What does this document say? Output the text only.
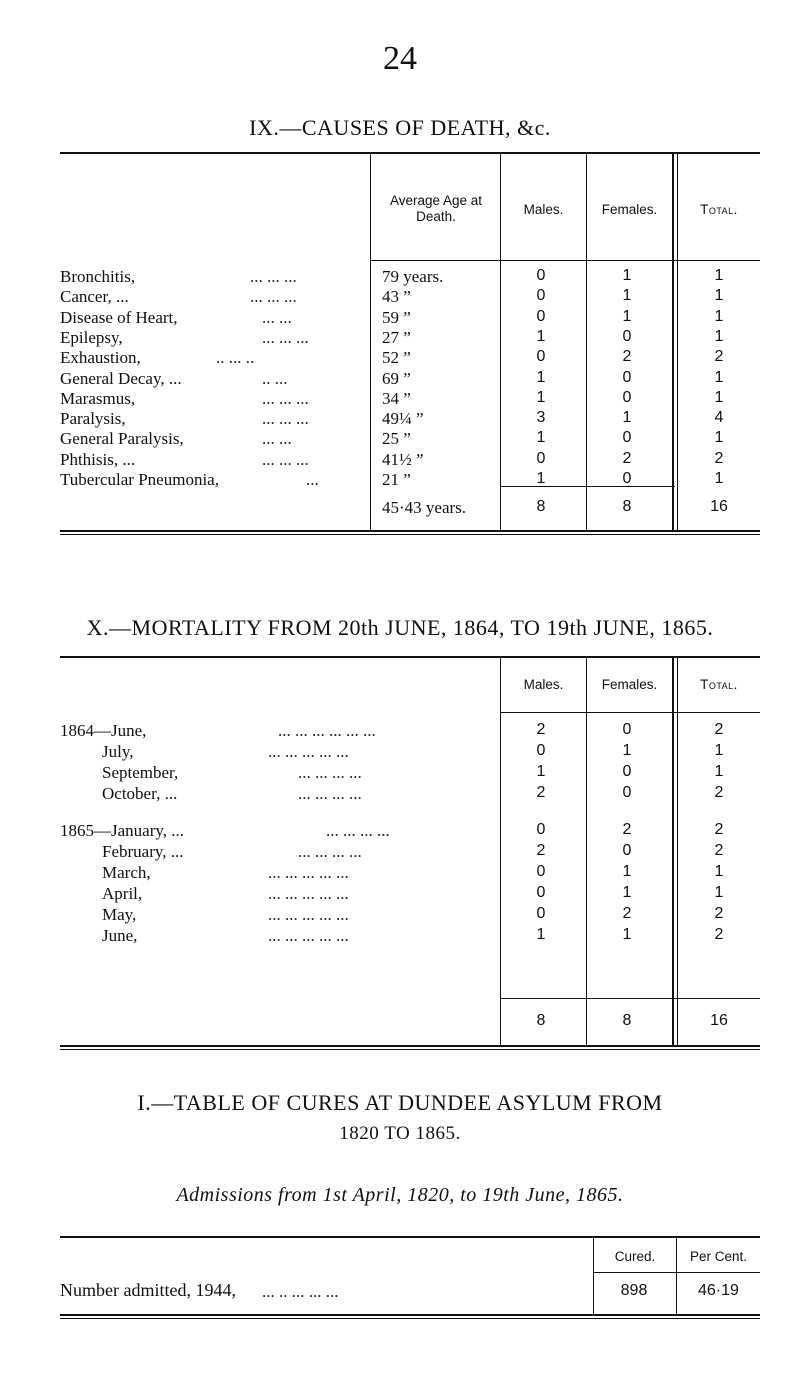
24
IX.—CAUSES OF DEATH, &c.
Average Age at Death.	Males.	Females.	Total.
Bronchitis,	... ... ...	79 years.	0	1	1
Cancer, ...	... ... ...	43 ”	0	1	1
Disease of Heart,	... ...	59 ”	0	1	1
Epilepsy,	... ... ...	27 ”	1	0	1
Exhaustion,	.. ... ..	52 ”	0	2	2
General Decay, ...	.. ...	69 ”	1	0	1
Marasmus,	... ... ...	34 ”	1	0	1
Paralysis,	... ... ...	49¼ ”	3	1	4
General Paralysis,	... ...	25 ”	1	0	1
Phthisis, ...	... ... ...	41½ ”	0	2	2
Tubercular Pneumonia,	...	21 ”	1	0	1
45·43 years.	8	8	16
X.—MORTALITY FROM 20th JUNE, 1864, TO 19th JUNE, 1865.
Males.	Females.	Total.
1864—June,	... ... ... ... ... ...	2	0	2
July,	... ... ... ... ...	0	1	1
September,	... ... ... ...	1	0	1
October, ...	... ... ... ...	2	0	2
1865—January, ...	... ... ... ...	0	2	2
February, ...	... ... ... ...	2	0	2
March,	... ... ... ... ...	0	1	1
April,	... ... ... ... ...	0	1	1
May,	... ... ... ... ...	0	2	2
June,	... ... ... ... ...	1	1	2
8	8	16
I.—TABLE OF CURES AT DUNDEE ASYLUM FROM
1820 TO 1865.
Admissions from 1st April, 1820, to 19th June, 1865.
Cured.	Per Cent.
Number admitted, 1944, ... .. ... ... ...	898	46·19
